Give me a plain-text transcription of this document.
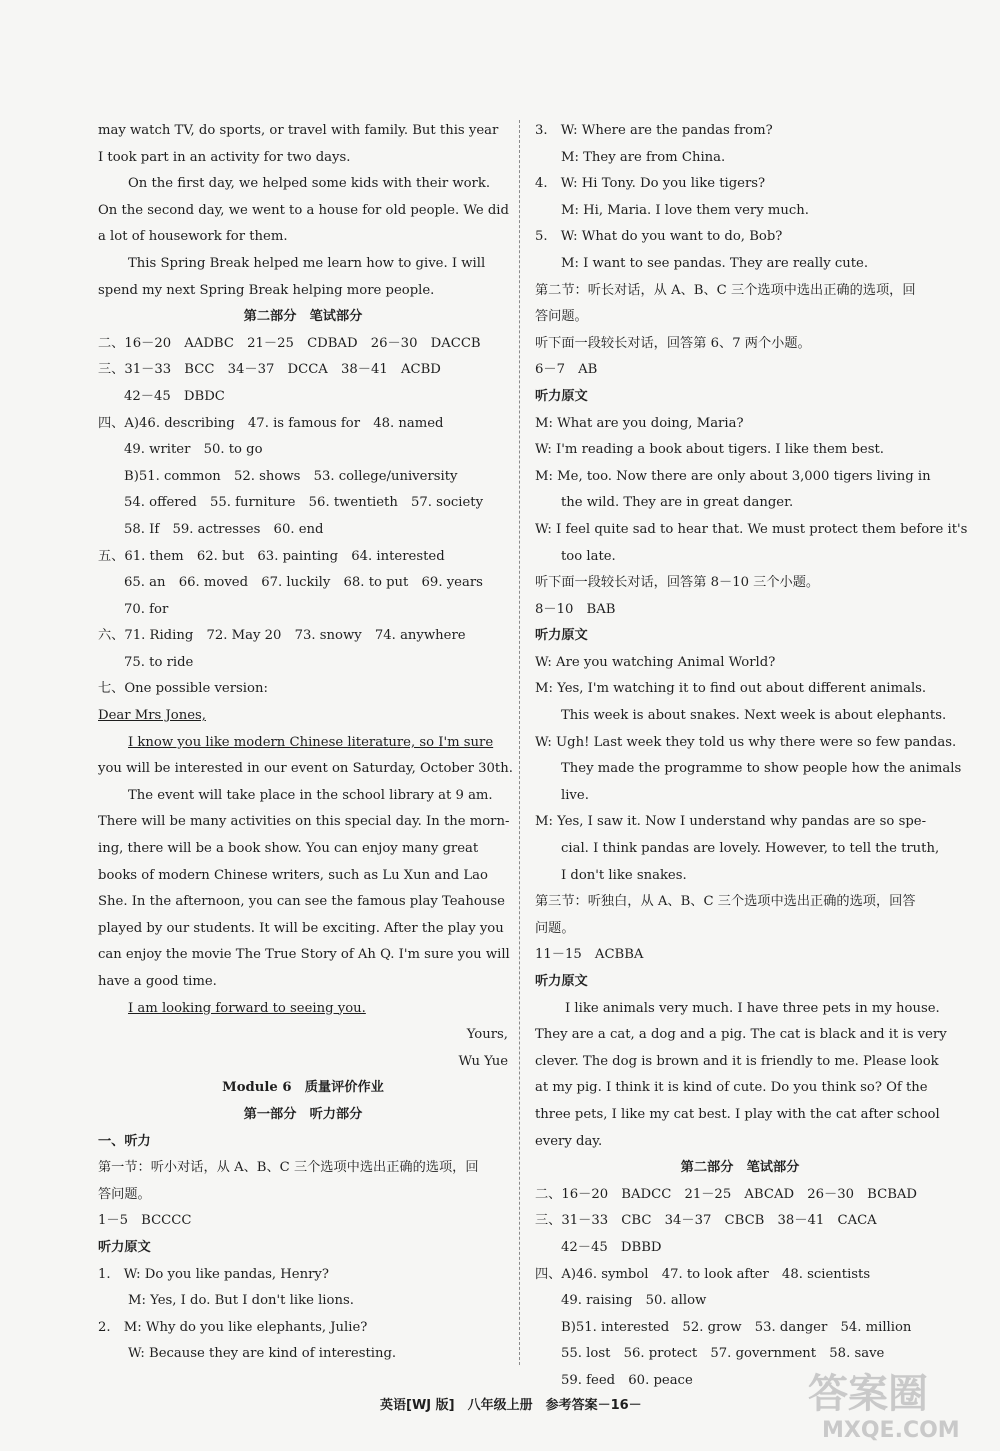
may watch TV, do sports, or travel with family. But this year
I took part in an activity for two days.
On the first day, we helped some kids with their work.
On the second day, we went to a house for old people. We did
a lot of housework for them.
This Spring Break helped me learn how to give. I will
spend my next Spring Break helping more people.
第二部分　笔试部分
二、16－20　AADBC　21－25　CDBAD　26－30　DACCB
三、31－33　BCC　34－37　DCCA　38－41　ACBD
42－45　DBDC
四、A)46. describing　47. is famous for　48. named
49. writer　50. to go
B)51. common　52. shows　53. college/university
54. offered　55. furniture　56. twentieth　57. society
58. If　59. actresses　60. end
五、61. them　62. but　63. painting　64. interested
65. an　66. moved　67. luckily　68. to put　69. years
70. for
六、71. Riding　72. May 20　73. snowy　74. anywhere
75. to ride
七、One possible version:
Dear Mrs Jones,
I know you like modern Chinese literature, so I'm sure
you will be interested in our event on Saturday, October 30th.
The event will take place in the school library at 9 am.
There will be many activities on this special day. In the morn-
ing, there will be a book show. You can enjoy many great
books of modern Chinese writers, such as Lu Xun and Lao
She. In the afternoon, you can see the famous play Teahouse
played by our students. It will be exciting. After the play you
can enjoy the movie The True Story of Ah Q. I'm sure you will
have a good time.
I am looking forward to seeing you.
Yours,
Wu Yue
Module 6　质量评价作业
第一部分　听力部分
一、听力
第一节：听小对话，从 A、B、C 三个选项中选出正确的选项，回
答问题。
1－5　BCCCC
听力原文
1.　W: Do you like pandas, Henry?
M: Yes, I do. But I don't like lions.
2.　M: Why do you like elephants, Julie?
W: Because they are kind of interesting.
3.　W: Where are the pandas from?
M: They are from China.
4.　W: Hi Tony. Do you like tigers?
M: Hi, Maria. I love them very much.
5.　W: What do you want to do, Bob?
M: I want to see pandas. They are really cute.
第二节：听长对话，从 A、B、C 三个选项中选出正确的选项，回
答问题。
听下面一段较长对话，回答第 6、7 两个小题。
6－7　AB
听力原文
M: What are you doing, Maria?
W: I'm reading a book about tigers. I like them best.
M: Me, too. Now there are only about 3,000 tigers living in
the wild. They are in great danger.
W: I feel quite sad to hear that. We must protect them before it's
too late.
听下面一段较长对话，回答第 8－10 三个小题。
8－10　BAB
听力原文
W: Are you watching Animal World?
M: Yes, I'm watching it to find out about different animals.
This week is about snakes. Next week is about elephants.
W: Ugh! Last week they told us why there were so few pandas.
They made the programme to show people how the animals
live.
M: Yes, I saw it. Now I understand why pandas are so spe-
cial. I think pandas are lovely. However, to tell the truth,
I don't like snakes.
第三节：听独白，从 A、B、C 三个选项中选出正确的选项，回答
问题。
11－15　ACBBA
听力原文
I like animals very much. I have three pets in my house.
They are a cat, a dog and a pig. The cat is black and it is very
clever. The dog is brown and it is friendly to me. Please look
at my pig. I think it is kind of cute. Do you think so? Of the
three pets, I like my cat best. I play with the cat after school
every day.
第二部分　笔试部分
二、16－20　BADCC　21－25　ABCAD　26－30　BCBAD
三、31－33　CBC　34－37　CBCB　38－41　CACA
42－45　DBBD
四、A)46. symbol　47. to look after　48. scientists
49. raising　50. allow
B)51. interested　52. grow　53. danger　54. million
55. lost　56. protect　57. government　58. save
59. feed　60. peace
英语[WJ 版]　八年级上册　参考答案－16－	答案圈
MXQE.COM
